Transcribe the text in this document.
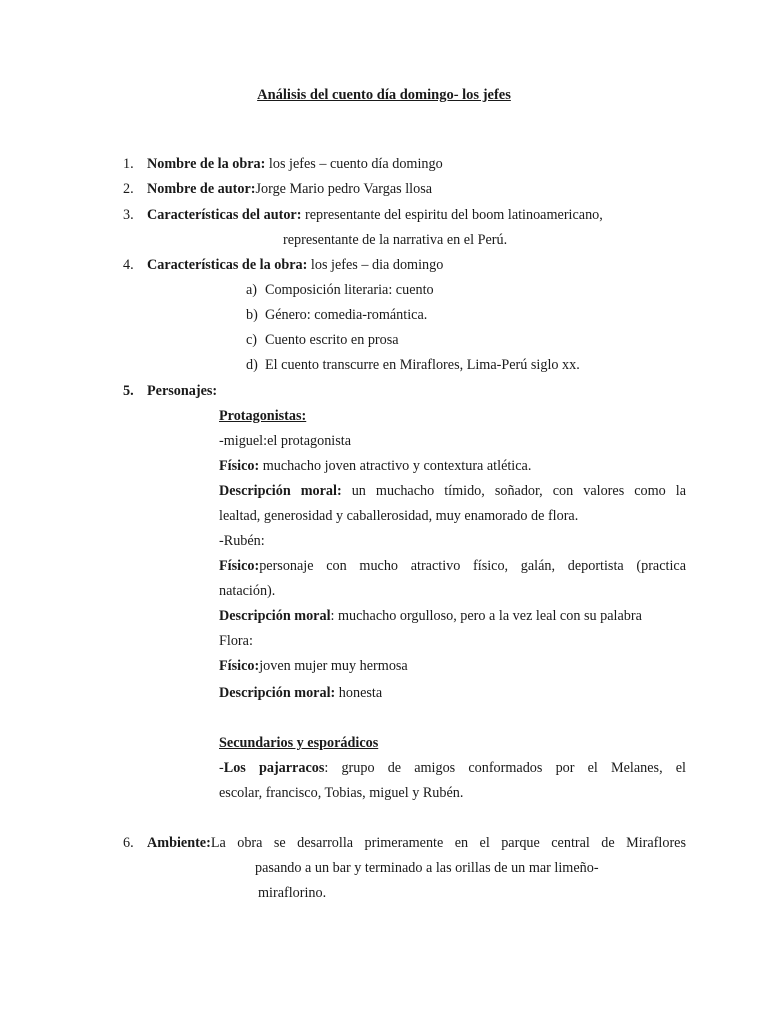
Análisis del cuento día domingo- los jefes
1. Nombre de la obra: los jefes – cuento día domingo
2. Nombre de autor:Jorge Mario pedro Vargas llosa
3. Características del autor: representante del espiritu del boom latinoamericano,
representante de la narrativa en el Perú.
4. Características de la obra: los jefes – dia domingo
a) Composición literaria: cuento
b) Género: comedia-romántica.
c) Cuento escrito en prosa
d) El cuento transcurre en Miraflores, Lima-Perú siglo xx.
5. Personajes:
Protagonistas:
-miguel:el protagonista
Físico: muchacho joven atractivo y contextura atlética.
Descripción moral: un muchacho tímido, soñador, con valores como la
lealtad, generosidad y caballerosidad, muy enamorado de flora.
-Rubén:
Físico:personaje con mucho atractivo físico, galán, deportista (practica
natación).
Descripción moral: muchacho orgulloso, pero a la vez leal con su palabra
Flora:
Físico:joven mujer muy hermosa
Descripción moral: honesta
Secundarios y esporádicos
-Los pajarracos: grupo de amigos conformados por el Melanes, el
escolar, francisco, Tobias, miguel y Rubén.
6. Ambiente:La obra se desarrolla primeramente en el parque central de Miraflores
pasando a un bar y terminado a las orillas de un mar limeño-
miraflorino.
